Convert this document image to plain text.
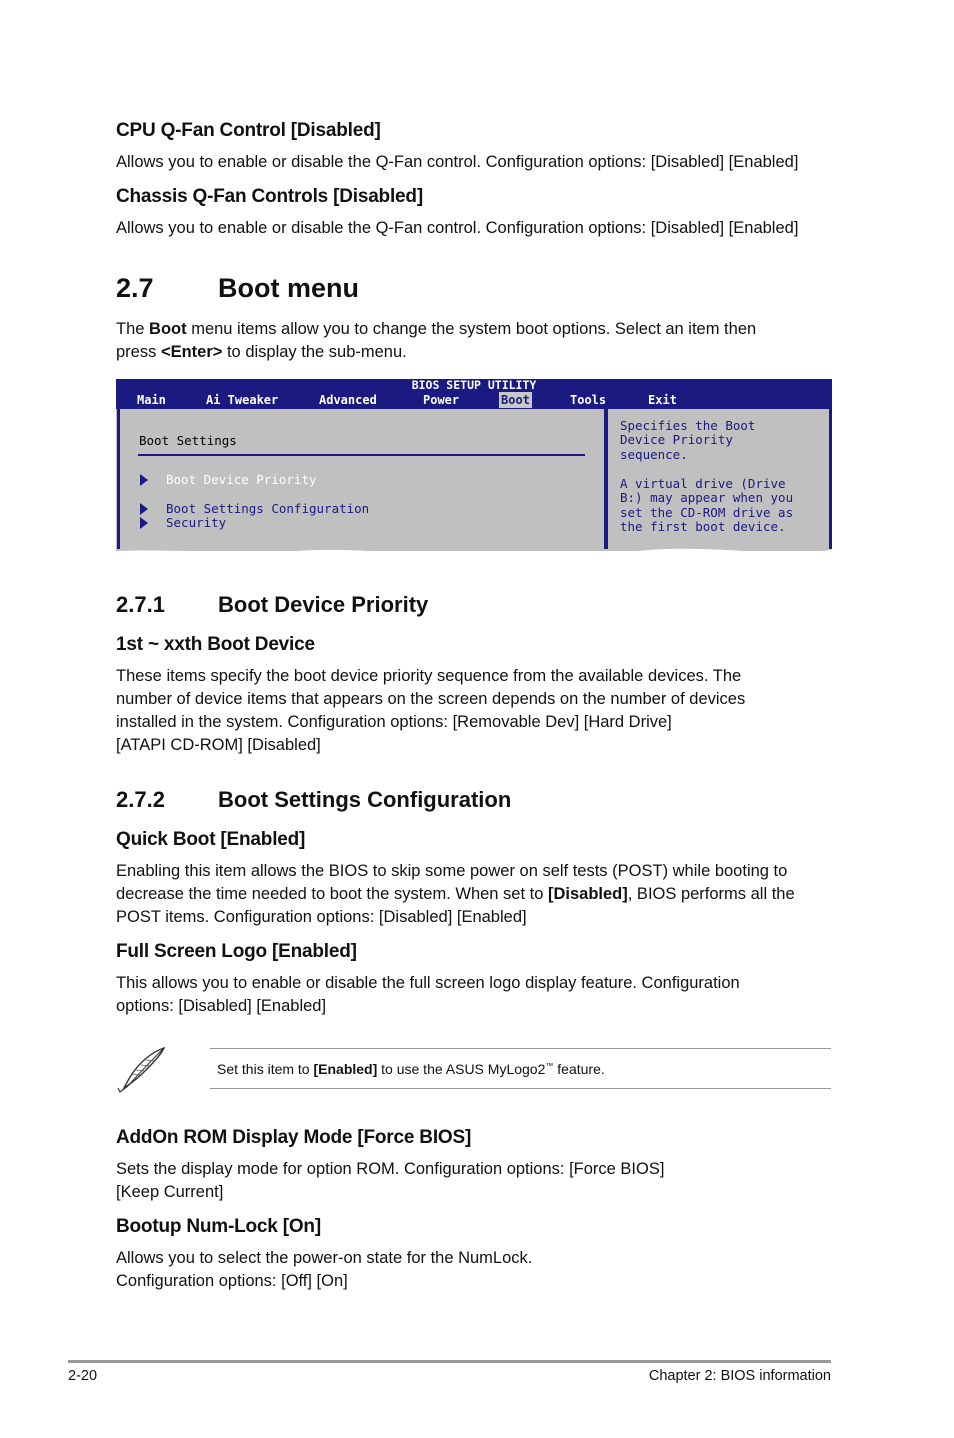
CPU Q-Fan Control [Disabled]
Allows you to enable or disable the Q-Fan control. Configuration options: [Disabled] [Enabled]
Chassis Q-Fan Controls [Disabled]
Allows you to enable or disable the Q-Fan control. Configuration options: [Disabled] [Enabled]
2.7 Boot menu
The Boot menu items allow you to change the system boot options. Select an item then
press <Enter> to display the sub-menu.
BIOS SETUP UTILITY
Main	Ai Tweaker	Advanced	Power	Boot	Tools	Exit
Boot Settings
Boot Device Priority
Boot Settings Configuration
Security
Specifies the Boot
Device Priority
sequence.
A virtual drive (Drive
B:) may appear when you
set the CD-ROM drive as
the first boot device.
2.7.1 Boot Device Priority
1st ~ xxth Boot Device
These items specify the boot device priority sequence from the available devices. The number of device items that appears on the screen depends on the number of devices installed in the system. Configuration options: [Removable Dev] [Hard Drive]
[ATAPI CD-ROM] [Disabled]
2.7.2 Boot Settings Configuration
Quick Boot [Enabled]
Enabling this item allows the BIOS to skip some power on self tests (POST) while booting to decrease the time needed to boot the system. When set to [Disabled], BIOS performs all the POST items. Configuration options: [Disabled] [Enabled]
Full Screen Logo [Enabled]
This allows you to enable or disable the full screen logo display feature. Configuration options: [Disabled] [Enabled]
Set this item to [Enabled] to use the ASUS MyLogo2™ feature.
AddOn ROM Display Mode [Force BIOS]
Sets the display mode for option ROM. Configuration options: [Force BIOS]
[Keep Current]
Bootup Num-Lock [On]
Allows you to select the power-on state for the NumLock.
Configuration options: [Off] [On]
2-20	Chapter 2: BIOS information
